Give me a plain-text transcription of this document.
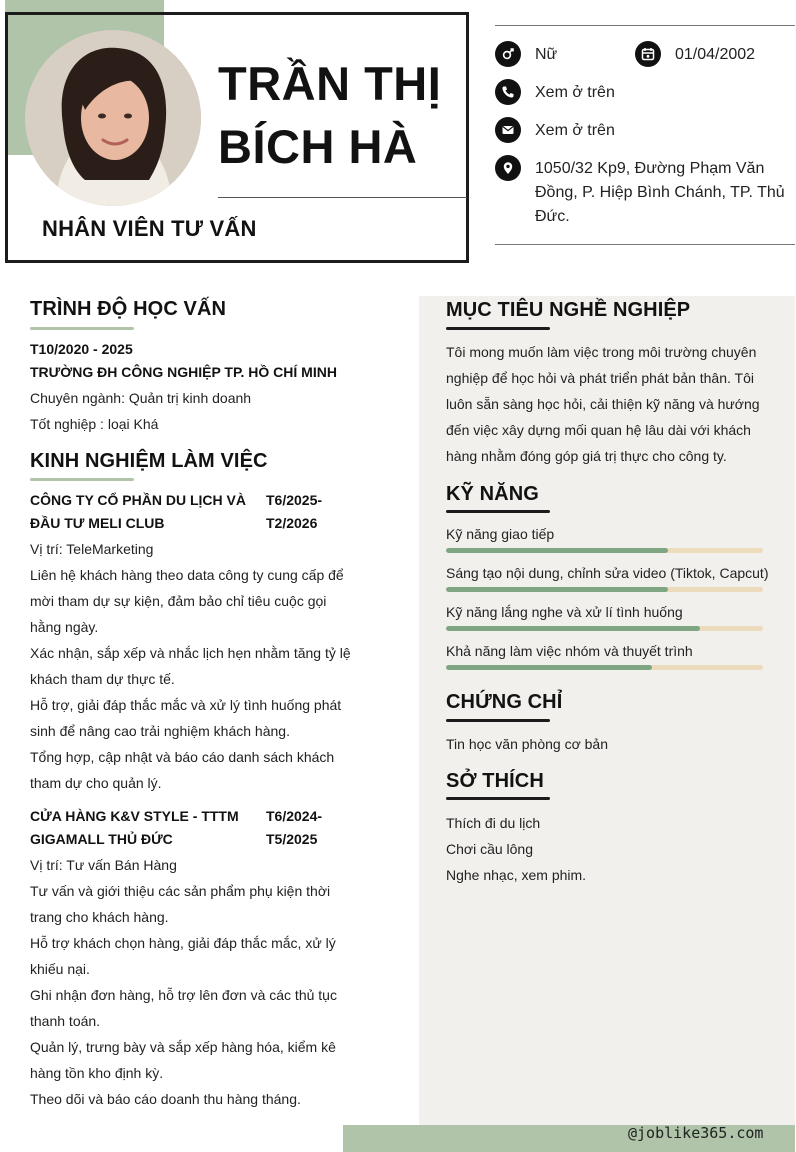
TRẦN THỊ
BÍCH HÀ
NHÂN VIÊN TƯ VẤN
Nữ	01/04/2002
Xem ở trên
Xem ở trên
1050/32 Kp9, Đường Phạm Văn
Đồng, P. Hiệp Bình Chánh, TP. Thủ
Đức.
@joblike365.com
TRÌNH ĐỘ HỌC VẤN
T10/2020 - 2025
TRƯỜNG ĐH CÔNG NGHIỆP TP. HỒ CHÍ MINH
Chuyên ngành: Quản trị kinh doanh
Tốt nghiệp : loại Khá
KINH NGHIỆM LÀM VIỆC
CÔNG TY CỔ PHẦN DU LỊCH VÀ
ĐẦU TƯ MELI CLUB
T6/2025-
T2/2026
Vị trí: TeleMarketing
Liên hệ khách hàng theo data công ty cung cấp để
mời tham dự sự kiện, đảm bảo chỉ tiêu cuộc gọi
hằng ngày.
Xác nhận, sắp xếp và nhắc lịch hẹn nhằm tăng tỷ lệ
khách tham dự thực tế.
Hỗ trợ, giải đáp thắc mắc và xử lý tình huống phát
sinh để nâng cao trải nghiệm khách hàng.
Tổng hợp, cập nhật và báo cáo danh sách khách
tham dự cho quản lý.
CỬA HÀNG K&V STYLE - TTTM
GIGAMALL THỦ ĐỨC
T6/2024-
T5/2025
Vị trí: Tư vấn Bán Hàng
Tư vấn và giới thiệu các sản phẩm phụ kiện thời
trang cho khách hàng.
Hỗ trợ khách chọn hàng, giải đáp thắc mắc, xử lý
khiếu nại.
Ghi nhận đơn hàng, hỗ trợ lên đơn và các thủ tục
thanh toán.
Quản lý, trưng bày và sắp xếp hàng hóa, kiểm kê
hàng tồn kho định kỳ.
Theo dõi và báo cáo doanh thu hàng tháng.
MỤC TIÊU NGHỀ NGHIỆP
Tôi mong muốn làm việc trong môi trường chuyên
nghiệp để học hỏi và phát triển phát bản thân. Tôi
luôn sẵn sàng học hỏi, cải thiện kỹ năng và hướng
đến việc xây dựng mối quan hệ lâu dài với khách
hàng nhằm đóng góp giá trị thực cho công ty.
KỸ NĂNG
Kỹ năng giao tiếp
Sáng tạo nội dung, chỉnh sửa video (Tiktok, Capcut)
Kỹ năng lắng nghe và xử lí tình huống
Khả năng làm việc nhóm và thuyết trình
CHỨNG CHỈ
Tin học văn phòng cơ bản
SỞ THÍCH
Thích đi du lịch
Chơi cầu lông
Nghe nhạc, xem phim.
